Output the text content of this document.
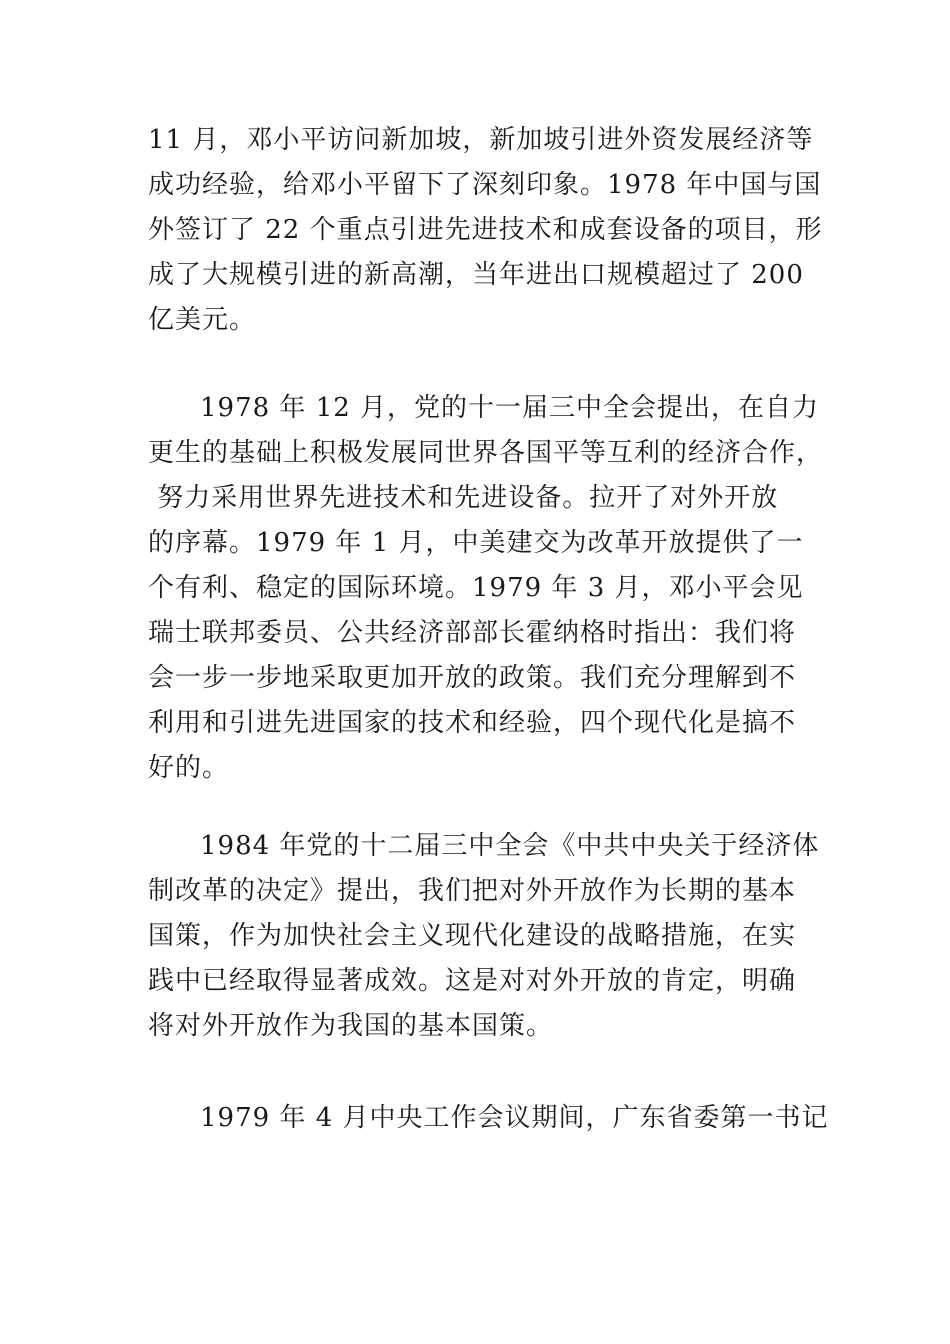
11 月，邓小平访问新加坡，新加坡引进外资发展经济等
成功经验，给邓小平留下了深刻印象。1978 年中国与国
外签订了 22 个重点引进先进技术和成套设备的项目，形
成了大规模引进的新高潮，当年进出口规模超过了 200
亿美元。
1978 年 12 月，党的十一届三中全会提出，在自力
更生的基础上积极发展同世界各国平等互利的经济合作，
努力采用世界先进技术和先进设备。拉开了对外开放
的序幕。1979 年 1 月，中美建交为改革开放提供了一
个有利、稳定的国际环境。1979 年 3 月，邓小平会见
瑞士联邦委员、公共经济部部长霍纳格时指出：我们将
会一步一步地采取更加开放的政策。我们充分理解到不
利用和引进先进国家的技术和经验，四个现代化是搞不
好的。
1984 年党的十二届三中全会《中共中央关于经济体
制改革的决定》提出，我们把对外开放作为长期的基本
国策，作为加快社会主义现代化建设的战略措施，在实
践中已经取得显著成效。这是对对外开放的肯定，明确
将对外开放作为我国的基本国策。
1979 年 4 月中央工作会议期间，广东省委第一书记
